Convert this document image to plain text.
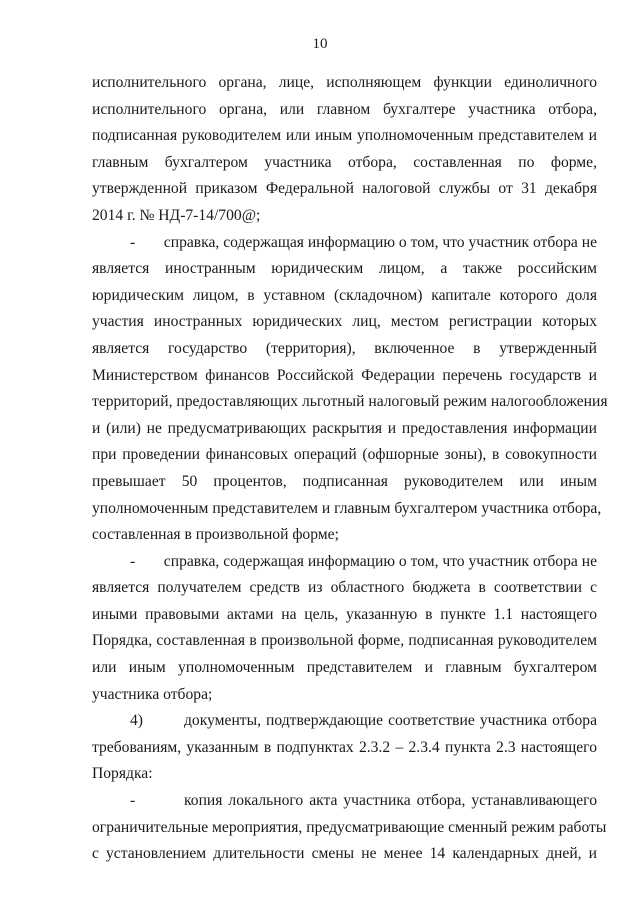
10
исполнительного органа, лице, исполняющем функции единоличного
исполнительного органа, или главном бухгалтере участника отбора,
подписанная руководителем или иным уполномоченным представителем и
главным бухгалтером участника отбора, составленная по форме,
утвержденной приказом Федеральной налоговой службы от 31 декабря
2014 г. № НД-7-14/700@;
-	справка, содержащая информацию о том, что участник отбора не
является иностранным юридическим лицом, а также российским
юридическим лицом, в уставном (складочном) капитале которого доля
участия иностранных юридических лиц, местом регистрации которых
является государство (территория), включенное в утвержденный
Министерством финансов Российской Федерации перечень государств и
территорий, предоставляющих льготный налоговый режим налогообложения
и (или) не предусматривающих раскрытия и предоставления информации
при проведении финансовых операций (офшорные зоны), в совокупности
превышает 50 процентов, подписанная руководителем или иным
уполномоченным представителем и главным бухгалтером участника отбора,
составленная в произвольной форме;
-	справка, содержащая информацию о том, что участник отбора не
является получателем средств из областного бюджета в соответствии с
иными правовыми актами на цель, указанную в пункте 1.1 настоящего
Порядка, составленная в произвольной форме, подписанная руководителем
или иным уполномоченным представителем и главным бухгалтером
участника отбора;
4)	документы, подтверждающие соответствие участника отбора
требованиям, указанным в подпунктах 2.3.2 – 2.3.4 пункта 2.3 настоящего
Порядка:
-	копия локального акта участника отбора, устанавливающего
ограничительные мероприятия, предусматривающие сменный режим работы
с установлением длительности смены не менее 14 календарных дней, и
